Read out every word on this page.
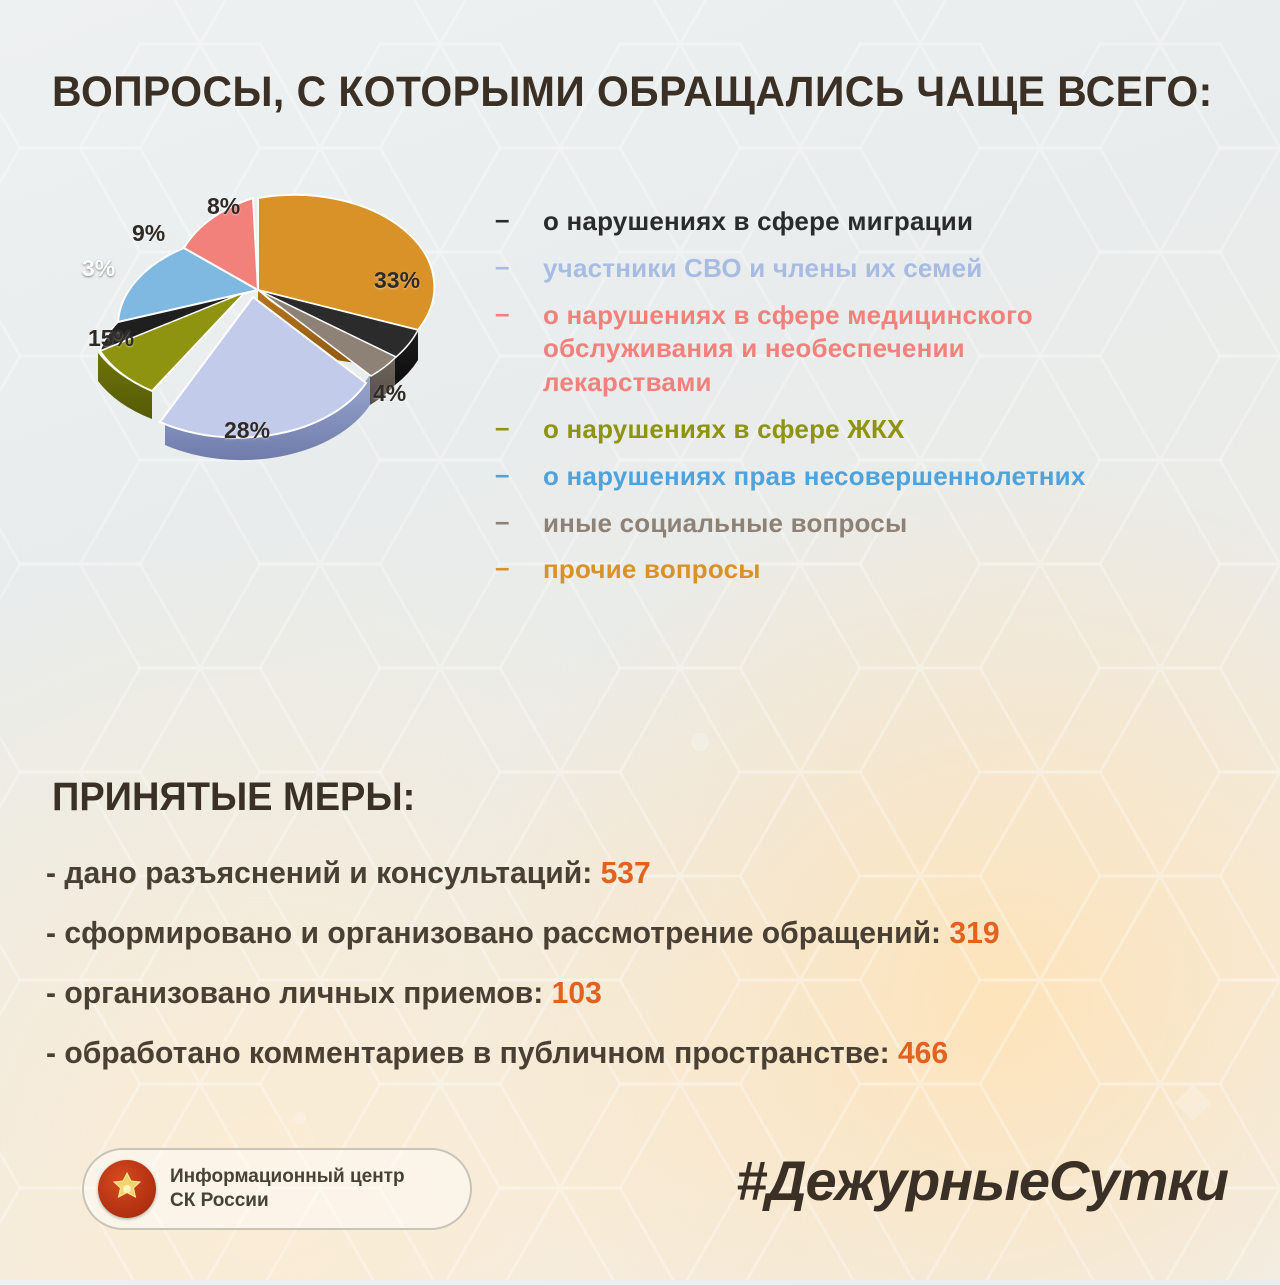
ВОПРОСЫ, С КОТОРЫМИ ОБРАЩАЛИСЬ ЧАЩЕ ВСЕГО:
33%
4%
3%
15%
9%
8%
28%
–	о нарушениях в сфере миграции
–	участники СВО и члены их семей
–	о нарушениях в сфере медицинского
обслуживания и необеспечении
лекарствами
–	о нарушениях в сфере ЖКХ
–	о нарушениях прав несовершеннолетних
–	иные социальные вопросы
–	прочие вопросы
ПРИНЯТЫЕ МЕРЫ:
- дано разъяснений и консультаций: 537
- сформировано и организовано рассмотрение обращений: 319
- организовано личных приемов: 103
- обработано комментариев в публичном пространстве: 466
Информационный центр
СК России	#ДежурныеСутки
